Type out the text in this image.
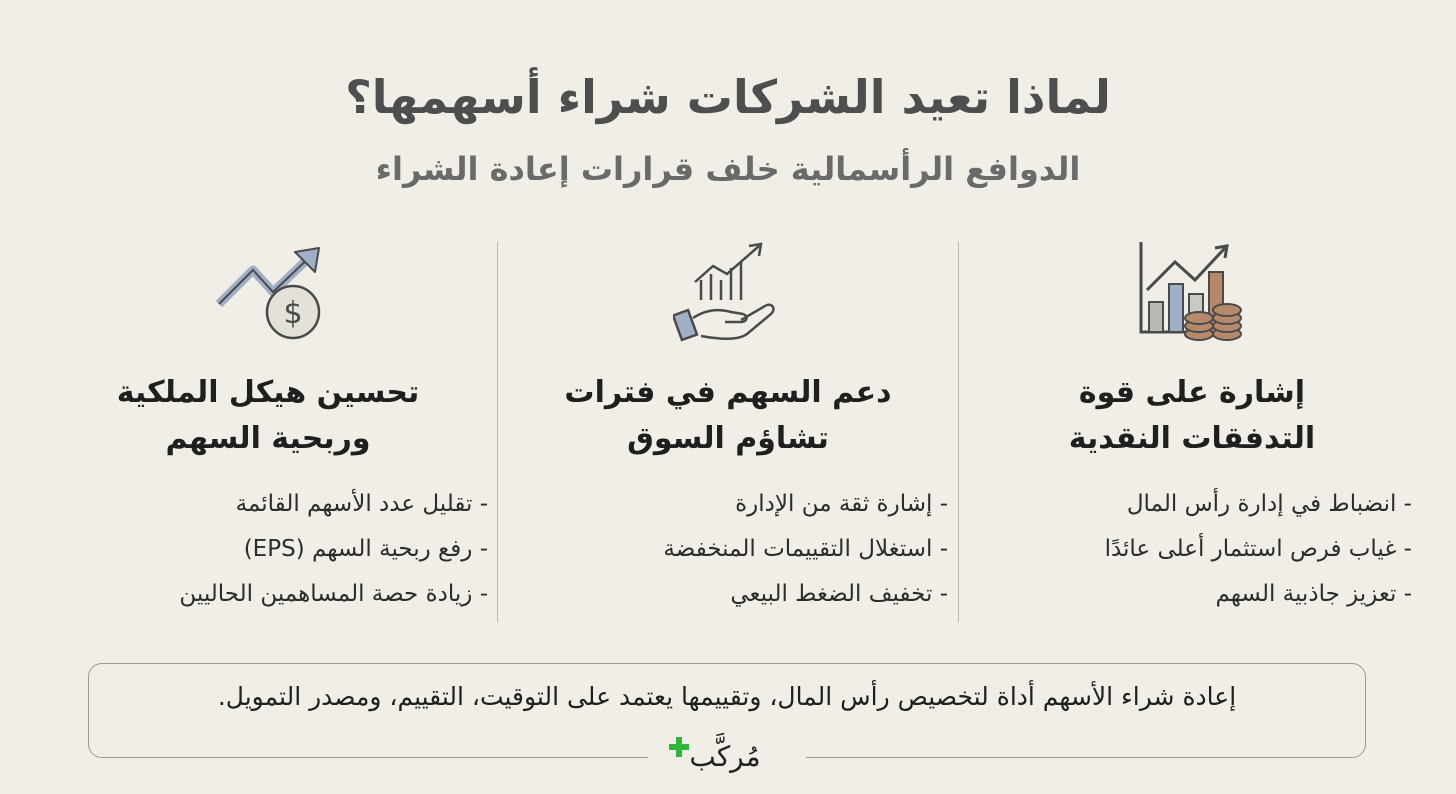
لماذا تعيد الشركات شراء أسهمها؟
الدوافع الرأسمالية خلف قرارات إعادة الشراء
إشارة على قوة
التدفقات النقدية
- انضباط في إدارة رأس المال
- غياب فرص استثمار أعلى عائدًا
- تعزيز جاذبية السهم
دعم السهم في فترات
تشاؤم السوق
- إشارة ثقة من الإدارة
- استغلال التقييمات المنخفضة
- تخفيف الضغط البيعي
$
تحسين هيكل الملكية
وربحية السهم
- تقليل عدد الأسهم القائمة
- رفع ربحية السهم (EPS)
- زيادة حصة المساهمين الحاليين

إعادة شراء الأسهم أداة لتخصيص رأس المال، وتقييمها يعتمد على التوقيت، التقييم، ومصدر التمويل.

مُركَّب
